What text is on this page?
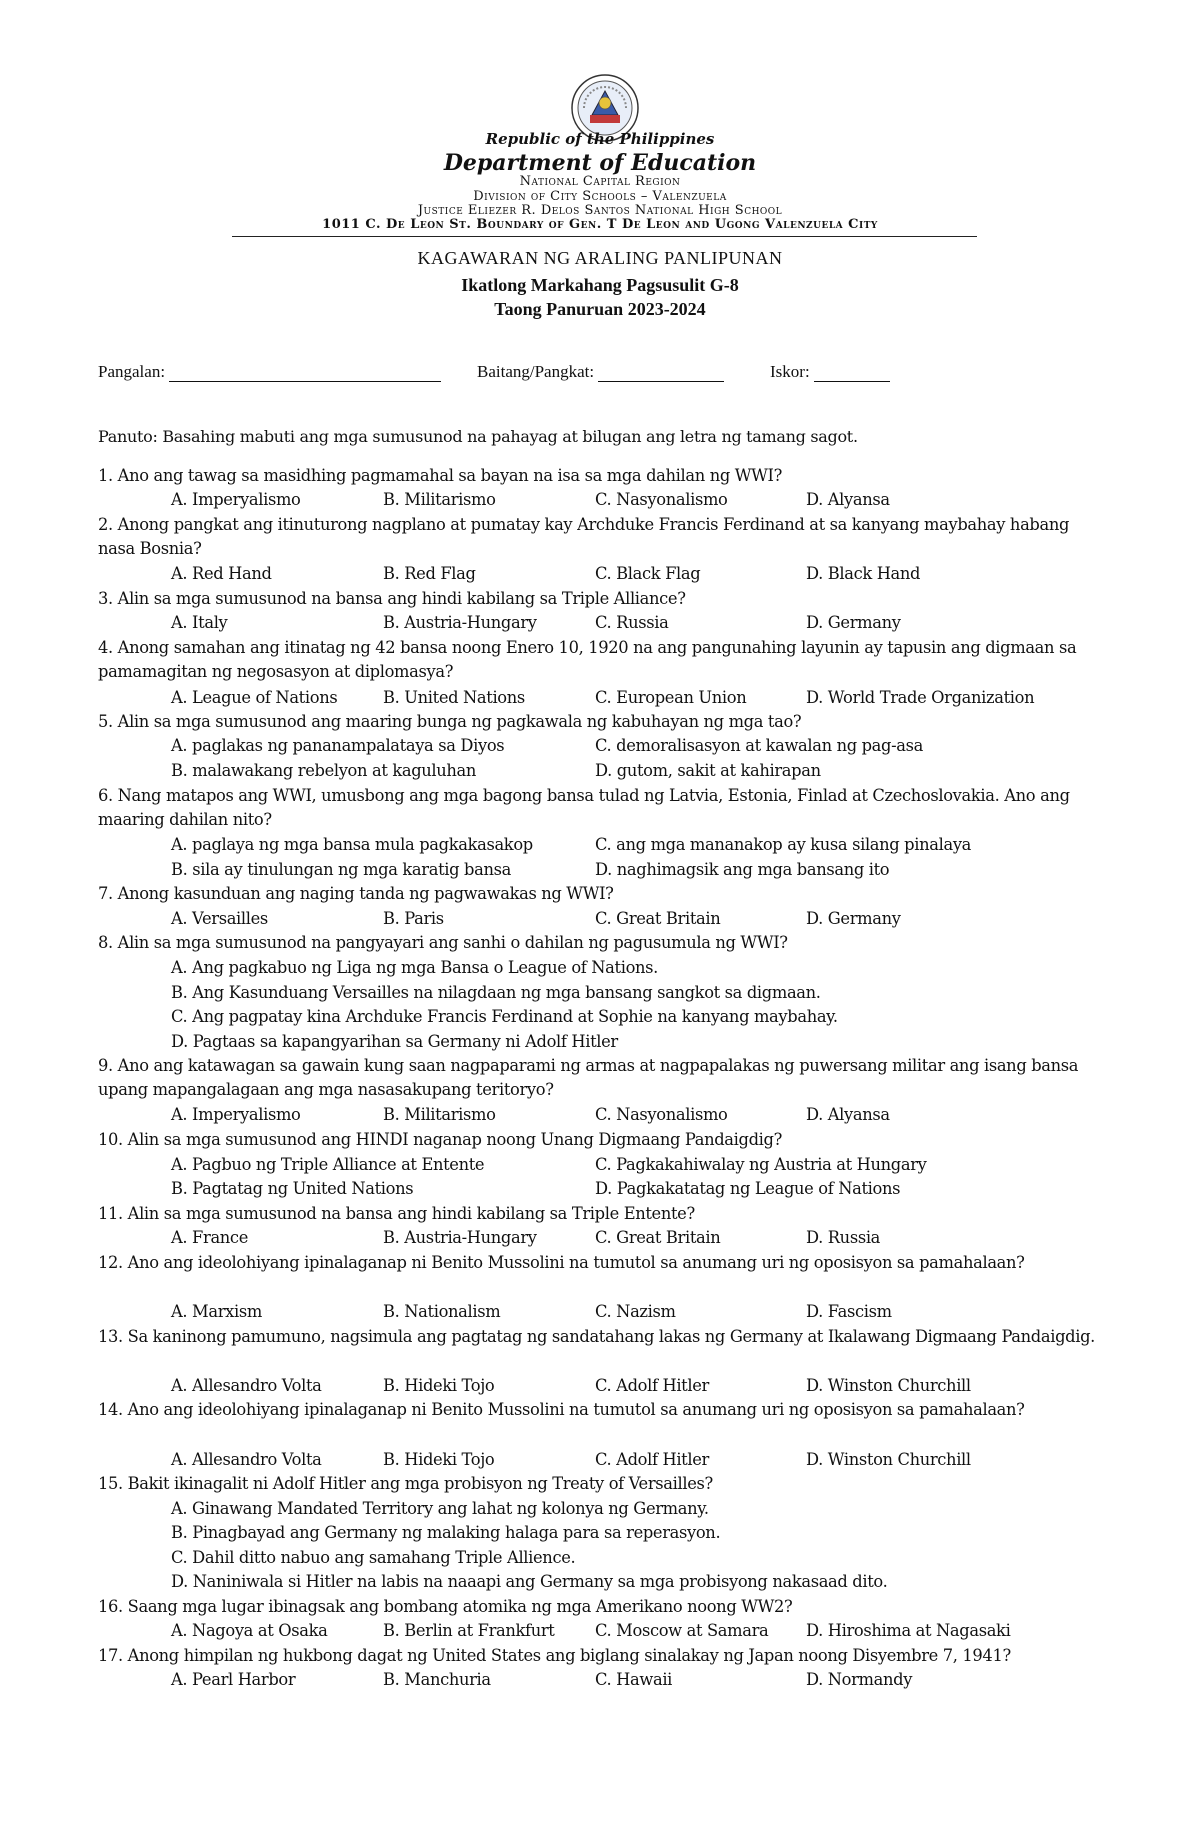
Republic of the Philippines
Department of Education
National Capital Region
Division of City Schools – Valenzuela
Justice Eliezer R. Delos Santos National High School
1011 C. De Leon St. Boundary of Gen. T De Leon and Ugong Valenzuela City
KAGAWARAN NG ARALING PANLIPUNAN
Ikatlong Markahang Pagsusulit G-8
Taong Panuruan 2023-2024
Pangalan:	Baitang/Pangkat:	Iskor:
Panuto: Basahing mabuti ang mga sumusunod na pahayag at bilugan ang letra ng tamang sagot.
1. Ano ang tawag sa masidhing pagmamahal sa bayan na isa sa mga dahilan ng WWI?
A. Imperyalismo	B. Militarismo	C. Nasyonalismo	D. Alyansa
2. Anong pangkat ang itinuturong nagplano at pumatay kay Archduke Francis Ferdinand at sa kanyang maybahay habang nasa Bosnia?
A. Red Hand	B. Red Flag	C. Black Flag	D. Black Hand
3. Alin sa mga sumusunod na bansa ang hindi kabilang sa Triple Alliance?
A. Italy	B. Austria-Hungary	C. Russia	D. Germany
4. Anong samahan ang itinatag ng 42 bansa noong Enero 10, 1920 na ang pangunahing layunin ay tapusin ang digmaan sa pamamagitan ng negosasyon at diplomasya?
A. League of Nations	B. United Nations	C. European Union	D. World Trade Organization
5. Alin sa mga sumusunod ang maaring bunga ng pagkawala ng kabuhayan ng mga tao?
A. paglakas ng pananampalataya sa Diyos	C. demoralisasyon at kawalan ng pag-asa
B. malawakang rebelyon at kaguluhan	D. gutom, sakit at kahirapan
6. Nang matapos ang WWI, umusbong ang mga bagong bansa tulad ng Latvia, Estonia, Finlad at Czechoslovakia. Ano ang maaring dahilan nito?
A. paglaya ng mga bansa mula pagkakasakop	C. ang mga mananakop ay kusa silang pinalaya
B. sila ay tinulungan ng mga karatig bansa	D. naghimagsik ang mga bansang ito
7. Anong kasunduan ang naging tanda ng pagwawakas ng WWI?
A. Versailles	B. Paris	C. Great Britain	D. Germany
8. Alin sa mga sumusunod na pangyayari ang sanhi o dahilan ng pagusumula ng WWI?
A. Ang pagkabuo ng Liga ng mga Bansa o League of Nations.
B. Ang Kasunduang Versailles na nilagdaan ng mga bansang sangkot sa digmaan.
C. Ang pagpatay kina Archduke Francis Ferdinand at Sophie na kanyang maybahay.
D. Pagtaas sa kapangyarihan sa Germany ni Adolf Hitler
9. Ano ang katawagan sa gawain kung saan nagpaparami ng armas at nagpapalakas ng puwersang militar ang isang bansa upang mapangalagaan ang mga nasasakupang teritoryo?
A. Imperyalismo	B. Militarismo	C. Nasyonalismo	D. Alyansa
10. Alin sa mga sumusunod ang HINDI naganap noong Unang Digmaang Pandaigdig?
A. Pagbuo ng Triple Alliance at Entente	C. Pagkakahiwalay ng Austria at Hungary
B. Pagtatag ng United Nations	D. Pagkakatatag ng League of Nations
11. Alin sa mga sumusunod na bansa ang hindi kabilang sa Triple Entente?
A. France	B. Austria-Hungary	C. Great Britain	D. Russia
12. Ano ang ideolohiyang ipinalaganap ni Benito Mussolini na tumutol sa anumang uri ng oposisyon sa pamahalaan?
A. Marxism	B. Nationalism	C. Nazism	D. Fascism
13. Sa kaninong pamumuno, nagsimula ang pagtatag ng sandatahang lakas ng Germany at Ikalawang Digmaang Pandaigdig.
A. Allesandro Volta	B. Hideki Tojo	C. Adolf Hitler	D. Winston Churchill
14. Ano ang ideolohiyang ipinalaganap ni Benito Mussolini na tumutol sa anumang uri ng oposisyon sa pamahalaan?
A. Allesandro Volta	B. Hideki Tojo	C. Adolf Hitler	D. Winston Churchill
15. Bakit ikinagalit ni Adolf Hitler ang mga probisyon ng Treaty of Versailles?
A. Ginawang Mandated Territory ang lahat ng kolonya ng Germany.
B. Pinagbayad ang Germany ng malaking halaga para sa reperasyon.
C. Dahil ditto nabuo ang samahang Triple Allience.
D. Naniniwala si Hitler na labis na naaapi ang Germany sa mga probisyong nakasaad dito.
16. Saang mga lugar ibinagsak ang bombang atomika ng mga Amerikano noong WW2?
A. Nagoya at Osaka	B. Berlin at Frankfurt C. Moscow at Samara D. Hiroshima at Nagasaki
17. Anong himpilan ng hukbong dagat ng United States ang biglang sinalakay ng Japan noong Disyembre 7, 1941?
A. Pearl Harbor	B. Manchuria	C. Hawaii	D. Normandy
